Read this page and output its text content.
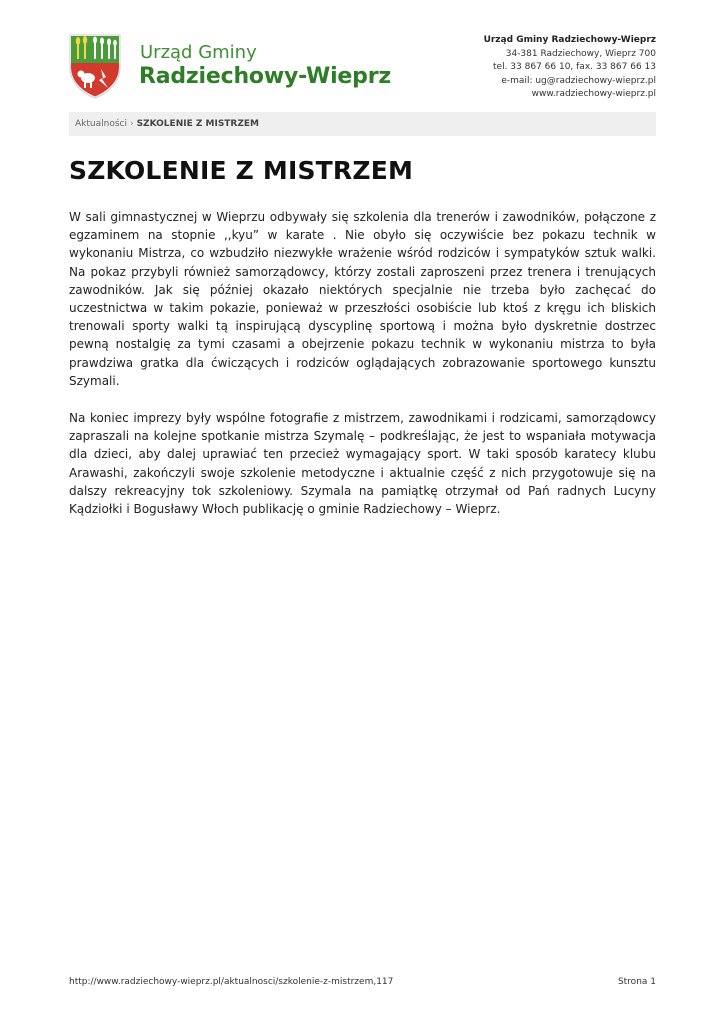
Urząd Gminy
Radziechowy-Wieprz
Urząd Gminy Radziechowy-Wieprz
34-381 Radziechowy, Wieprz 700
tel. 33 867 66 10, fax. 33 867 66 13
e-mail: ug@radziechowy-wieprz.pl
www.radziechowy-wieprz.pl
Aktualności › SZKOLENIE Z MISTRZEM
SZKOLENIE Z MISTRZEM

W sali gimnastycznej w Wieprzu odbywały się szkolenia dla trenerów i zawodników, połączone z egzaminem na stopnie ,,kyu” w karate . Nie obyło się oczywiście bez pokazu technik w wykonaniu Mistrza, co wzbudziło niezwykłe wrażenie wśród rodziców i sympatyków sztuk walki. Na pokaz przybyli również samorządowcy, którzy zostali zaproszeni przez trenera i trenujących zawodników. Jak się później okazało niektórych specjalnie nie trzeba było zachęcać do uczestnictwa w takim pokazie, ponieważ w przeszłości osobiście lub ktoś z kręgu ich bliskich trenowali sporty walki tą inspirującą dyscyplinę sportową i można było dyskretnie dostrzec pewną nostalgię za tymi czasami a obejrzenie pokazu technik w wykonaniu mistrza to była prawdziwa gratka dla ćwiczących i rodziców oglądających zobrazowanie sportowego kunsztu Szymali.

Na koniec imprezy były wspólne fotografie z mistrzem, zawodnikami i rodzicami, samorządowcy zapraszali na kolejne spotkanie mistrza Szymalę – podkreślając, że jest to wspaniała motywacja dla dzieci, aby dalej uprawiać ten przecież wymagający sport. W taki sposób karatecy klubu Arawashi, zakończyli swoje szkolenie metodyczne i aktualnie część z nich przygotowuje się na dalszy rekreacyjny tok szkoleniowy. Szymala na pamiątkę otrzymał od Pań radnych Lucyny Kądziołki i Bogusławy Włoch publikację o gminie Radziechowy – Wieprz.

http://www.radziechowy-wieprz.pl/aktualnosci/szkolenie-z-mistrzem,117	Strona 1
